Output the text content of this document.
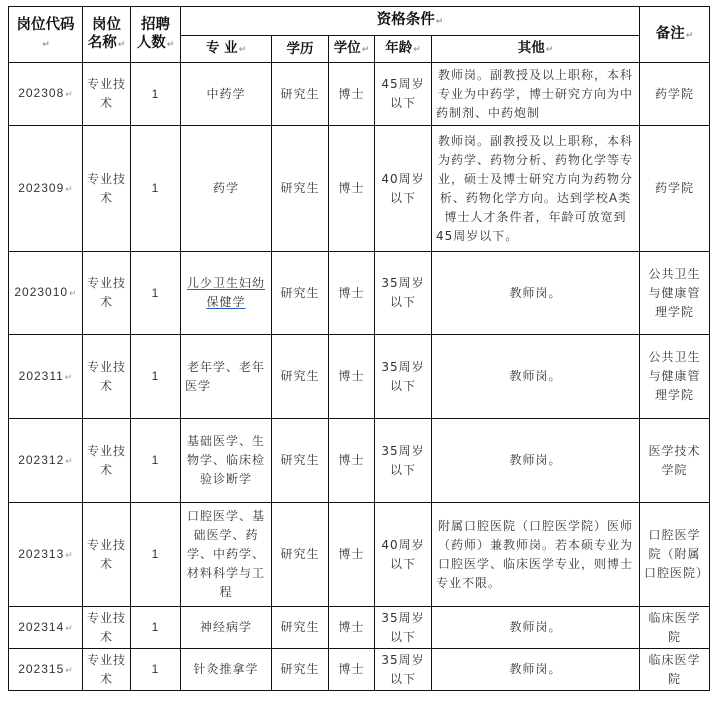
岗位代码↵	岗位名称↵	招聘人数↵	资格条件↵					备注↵
			专 业↵	学历	学位↵	年龄↵	其他↵	
202308↵	专业技术	1	中药学	研究生	博士	45周岁以下	教师岗。副教授及以上职称，本科专业为中药学，博士研究方向为中药制剂、中药炮制	药学院
202309↵	专业技术	1	药学	研究生	博士	40周岁以下	教师岗。副教授及以上职称，本科为药学、药物分析、药物化学等专业，硕士及博士研究方向为药物分析、药物化学方向。达到学校A类博士人才条件者，年龄可放宽到45周岁以下。	药学院
2023010↵	专业技术	1	儿少卫生妇幼保健学	研究生	博士	35周岁以下	教师岗。	公共卫生与健康管理学院
202311↵	专业技术	1	老年学、老年医学	研究生	博士	35周岁以下	教师岗。	公共卫生与健康管理学院
202312↵	专业技术	1	基础医学、生物学、临床检验诊断学	研究生	博士	35周岁以下	教师岗。	医学技术学院
202313↵	专业技术	1	口腔医学、基础医学、药学、中药学、材料科学与工程	研究生	博士	40周岁以下	附属口腔医院（口腔医学院）医师（药师）兼教师岗。若本硕专业为口腔医学、临床医学专业，则博士专业不限。	口腔医学院（附属口腔医院）
202314↵	专业技术	1	神经病学	研究生	博士	35周岁以下	教师岗。	临床医学院
202315↵	专业技术	1	针灸推拿学	研究生	博士	35周岁以下	教师岗。	临床医学院
